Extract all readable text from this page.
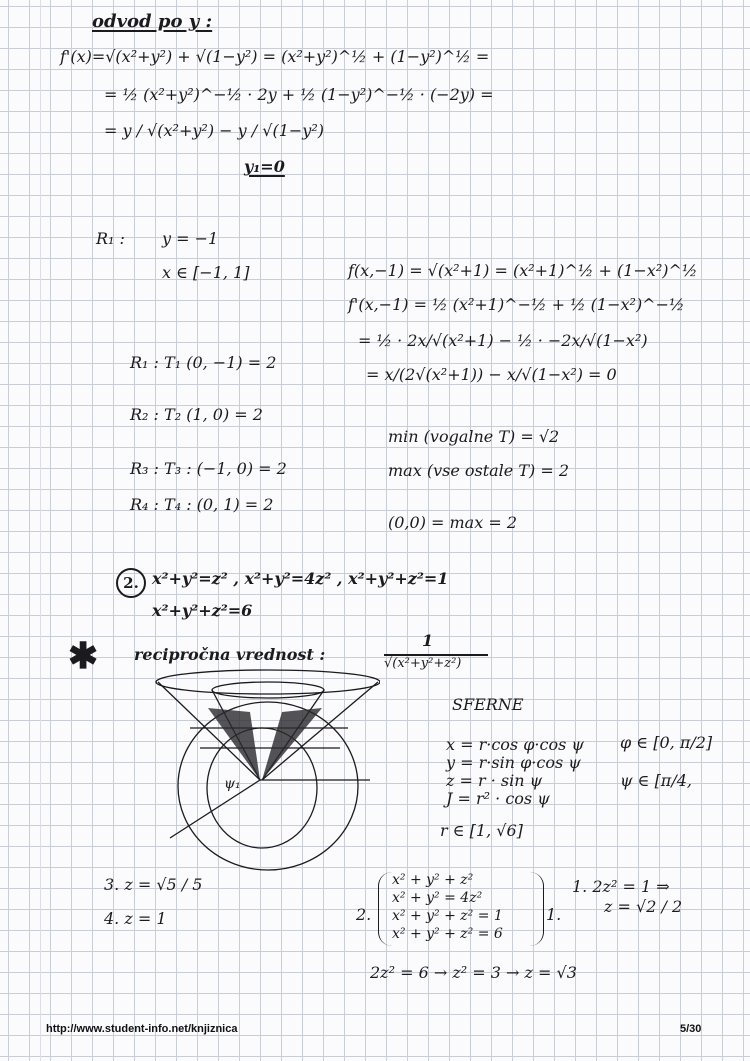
odvod po y :
f'(x)=√(x²+y²) + √(1−y²) = (x²+y²)^½ + (1−y²)^½ =
= ½ (x²+y²)^−½ · 2y + ½ (1−y²)^−½ · (−2y) =
= y / √(x²+y²) − y / √(1−y²)
y₁=0
R₁ : y = −1
x ∈ [−1, 1]	f(x,−1) = √(x²+1) = (x²+1)^½ + (1−x²)^½
f'(x,−1) = ½ (x²+1)^−½ + ½ (1−x²)^−½
= ½ · 2x/√(x²+1) − ½ · −2x/√(1−x²)
= x/(2√(x²+1)) − x/√(1−x²) = 0
min (vogalne T) = √2
max (vse ostale T) = 2
(0,0) = max = 2
R₁ : T₁ (0, −1) = 2
R₂ : T₂ (1, 0) = 2
R₃ : T₃ : (−1, 0) = 2
R₄ : T₄ : (0, 1) = 2
2. x²+y²=z² , x²+y²=4z² , x²+y²+z²=1
x²+y²+z²=6
✱ recipročna vrednost :
1
√(x²+y²+z²)
ψ₁
SFERNE
x = r·cos φ·cos ψ
y = r·sin φ·cos ψ
z = r · sin ψ
J = r² · cos ψ
φ ∈ [0, π/2]
ψ ∈ [π/4,
r ∈ [1, √6]
3. z = √5 / 5
4. z = 1	2.
x² + y² + z²
x² + y² = 4z²
x² + y² + z² = 1
x² + y² + z² = 6
1.
1. 2z² = 1 ⇒
z = √2 / 2
2z² = 6 → z² = 3 → z = √3
http://www.student-info.net/knjiznica	5/30
